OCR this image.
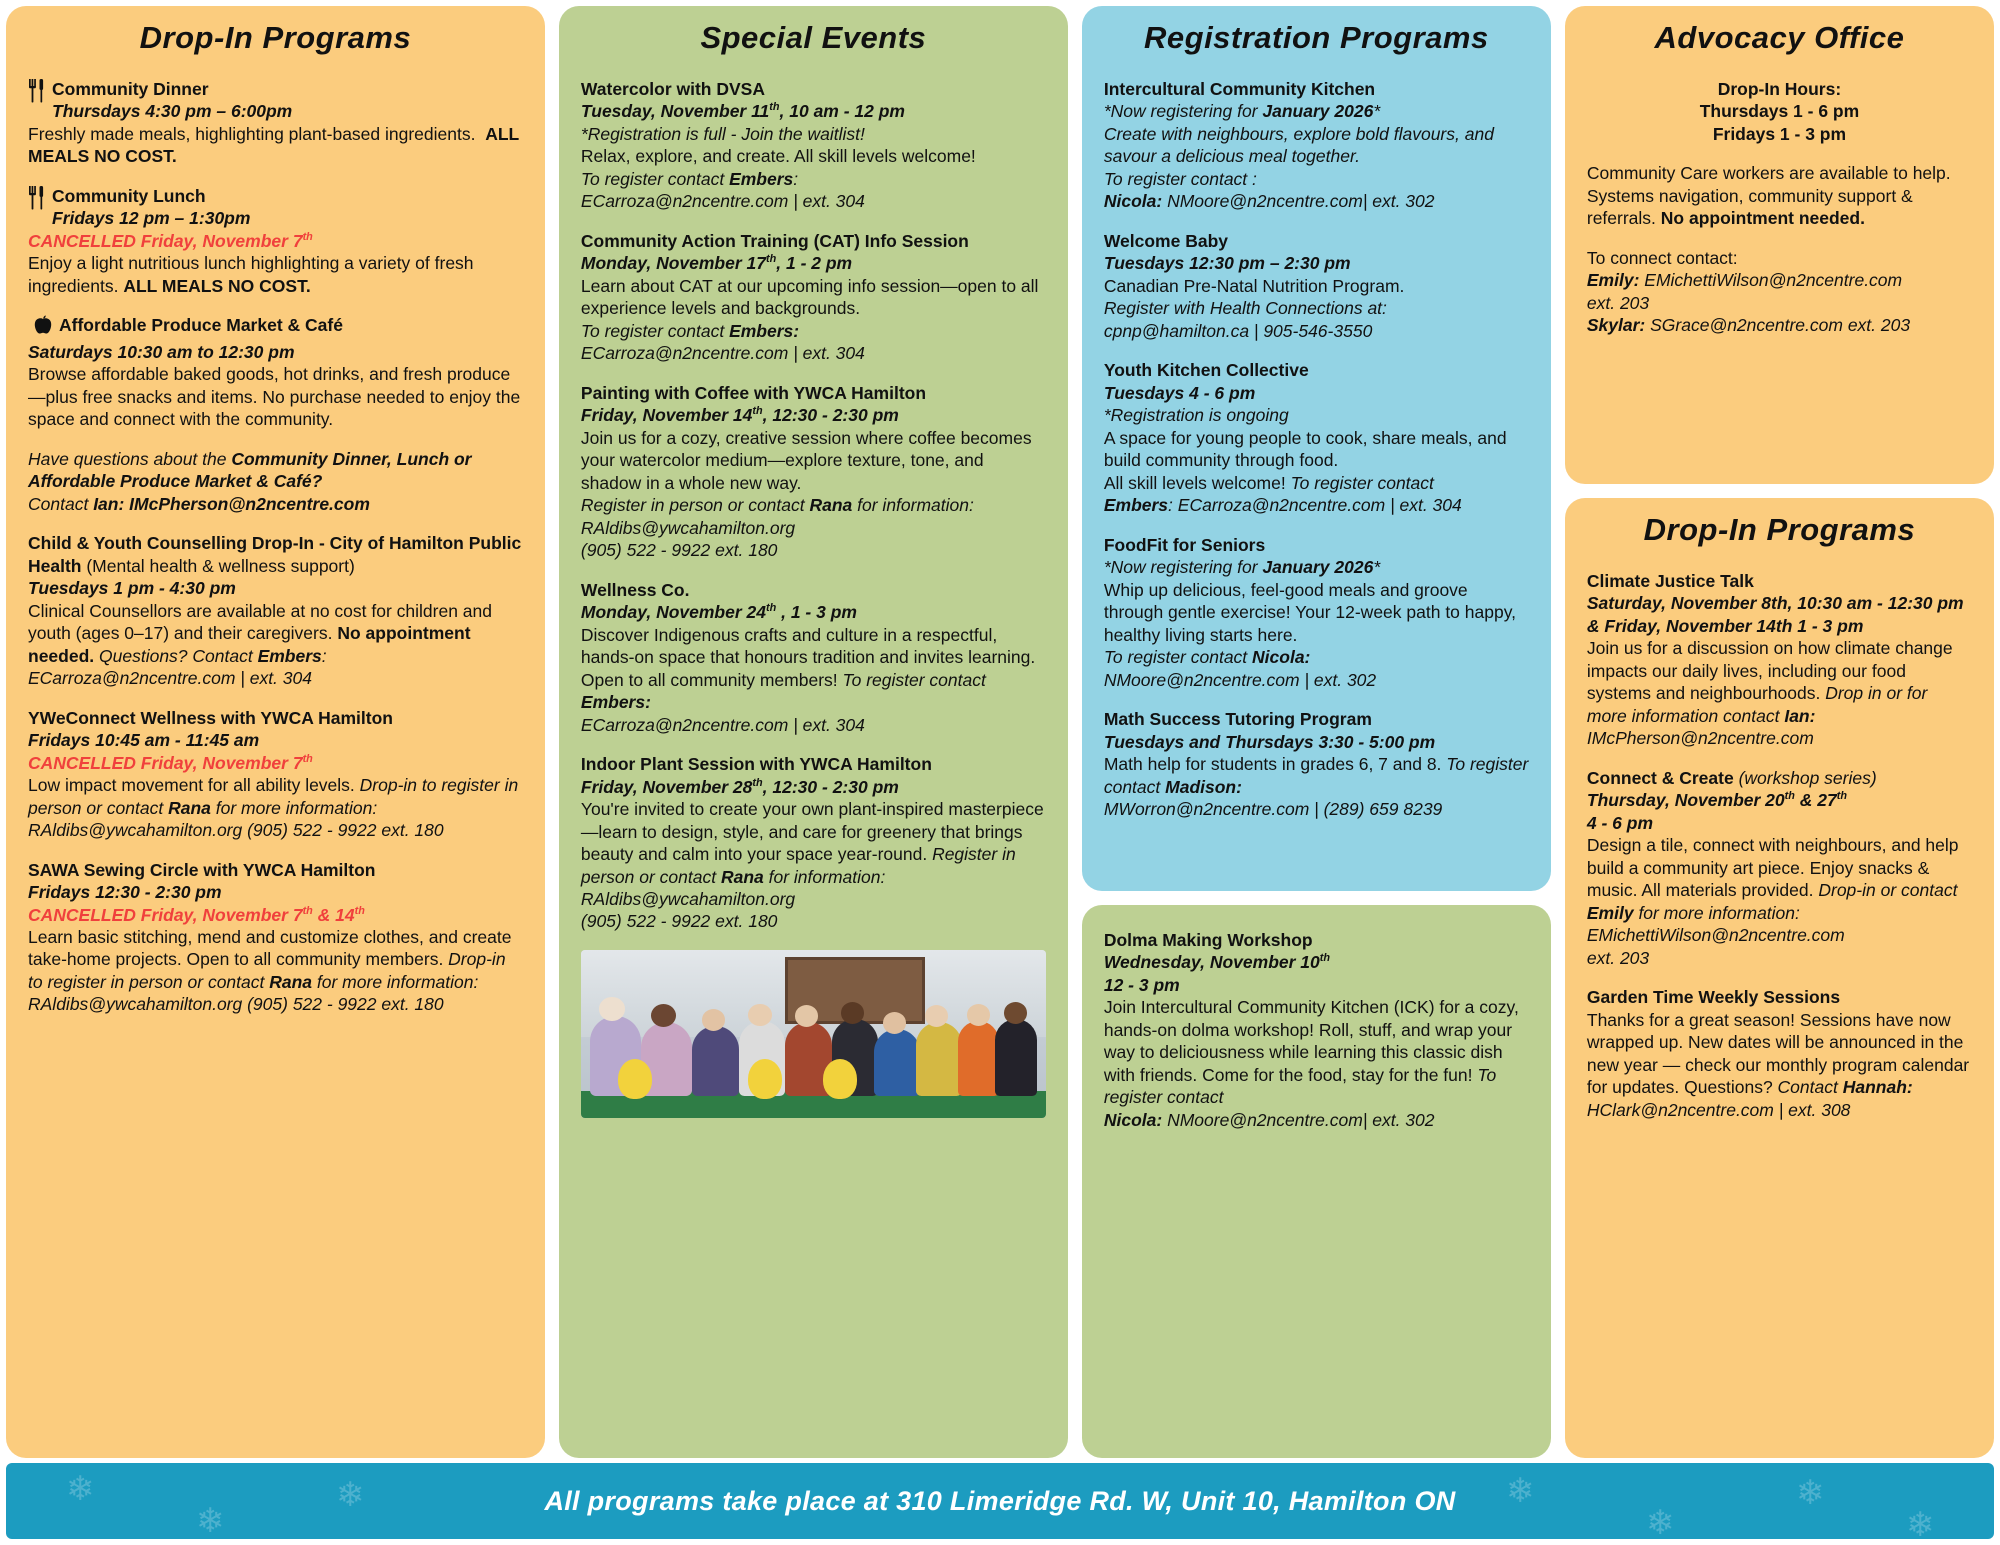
Drop-In Programs
Community Dinner
Thursdays 4:30 pm – 6:00pm
Freshly made meals, highlighting plant-based ingredients. ALL MEALS NO COST.
Community Lunch
Fridays 12 pm – 1:30pm
CANCELLED Friday, November 7th
Enjoy a light nutritious lunch highlighting a variety of fresh ingredients. ALL MEALS NO COST.
Affordable Produce Market & Café
Saturdays 10:30 am to 12:30 pm
Browse affordable baked goods, hot drinks, and fresh produce—plus free snacks and items. No purchase needed to enjoy the space and connect with the community.
Have questions about the Community Dinner, Lunch or Affordable Produce Market & Café?
Contact Ian: IMcPherson@n2ncentre.com
Child & Youth Counselling Drop-In - City of Hamilton Public Health (Mental health & wellness support)
Tuesdays 1 pm - 4:30 pm
Clinical Counsellors are available at no cost for children and youth (ages 0–17) and their caregivers. No appointment needed. Questions? Contact Embers: ECarroza@n2ncentre.com | ext. 304
YWeConnect Wellness with YWCA Hamilton
Fridays 10:45 am - 11:45 am
CANCELLED Friday, November 7th
Low impact movement for all ability levels. Drop-in to register in person or contact Rana for more information: RAldibs@ywcahamilton.org (905) 522 - 9922 ext. 180
SAWA Sewing Circle with YWCA Hamilton
Fridays 12:30 - 2:30 pm
CANCELLED Friday, November 7th & 14th
Learn basic stitching, mend and customize clothes, and create take-home projects. Open to all community members. Drop-in to register in person or contact Rana for more information: RAldibs@ywcahamilton.org (905) 522 - 9922 ext. 180
Special Events
Watercolor with DVSA
Tuesday, November 11th, 10 am - 12 pm
*Registration is full - Join the waitlist!
Relax, explore, and create. All skill levels welcome!
To register contact Embers:
ECarroza@n2ncentre.com | ext. 304
Community Action Training (CAT) Info Session
Monday, November 17th, 1 - 2 pm
Learn about CAT at our upcoming info session—open to all experience levels and backgrounds.
To register contact Embers:
ECarroza@n2ncentre.com | ext. 304
Painting with Coffee with YWCA Hamilton
Friday, November 14th, 12:30 - 2:30 pm
Join us for a cozy, creative session where coffee becomes your watercolor medium—explore texture, tone, and shadow in a whole new way.
Register in person or contact Rana for information:
RAldibs@ywcahamilton.org
(905) 522 - 9922 ext. 180
Wellness Co.
Monday, November 24th , 1 - 3 pm
Discover Indigenous crafts and culture in a respectful, hands-on space that honours tradition and invites learning. Open to all community members! To register contact Embers:
ECarroza@n2ncentre.com | ext. 304
Indoor Plant Session with YWCA Hamilton
Friday, November 28th, 12:30 - 2:30 pm
You're invited to create your own plant-inspired masterpiece—learn to design, style, and care for greenery that brings beauty and calm into your space year-round. Register in person or contact Rana for information: RAldibs@ywcahamilton.org
(905) 522 - 9922 ext. 180
Registration Programs
Intercultural Community Kitchen
*Now registering for January 2026*
Create with neighbours, explore bold flavours, and savour a delicious meal together.
To register contact :
Nicola: NMoore@n2ncentre.com| ext. 302
Welcome Baby
Tuesdays 12:30 pm – 2:30 pm
Canadian Pre-Natal Nutrition Program.
Register with Health Connections at:
cpnp@hamilton.ca | 905-546-3550
Youth Kitchen Collective
Tuesdays 4 - 6 pm
*Registration is ongoing
A space for young people to cook, share meals, and build community through food.
All skill levels welcome! To register contact
Embers: ECarroza@n2ncentre.com | ext. 304
FoodFit for Seniors
*Now registering for January 2026*
Whip up delicious, feel-good meals and groove through gentle exercise! Your 12-week path to happy, healthy living starts here.
To register contact Nicola:
NMoore@n2ncentre.com | ext. 302
Math Success Tutoring Program
Tuesdays and Thursdays 3:30 - 5:00 pm
Math help for students in grades 6, 7 and 8. To register contact Madison:
MWorron@n2ncentre.com | (289) 659 8239
Dolma Making Workshop
Wednesday, November 10th
12 - 3 pm
Join Intercultural Community Kitchen (ICK) for a cozy, hands-on dolma workshop! Roll, stuff, and wrap your way to deliciousness while learning this classic dish with friends. Come for the food, stay for the fun! To register contact
Nicola: NMoore@n2ncentre.com| ext. 302
Advocacy Office
Drop-In Hours:
Thursdays 1 - 6 pm
Fridays 1 - 3 pm
Community Care workers are available to help. Systems navigation, community support & referrals. No appointment needed.
To connect contact:
Emily: EMichettiWilson@n2ncentre.com
ext. 203
Skylar: SGrace@n2ncentre.com ext. 203
Drop-In Programs
Climate Justice Talk
Saturday, November 8th, 10:30 am - 12:30 pm & Friday, November 14th 1 - 3 pm
Join us for a discussion on how climate change impacts our daily lives, including our food systems and neighbourhoods. Drop in or for more information contact Ian: IMcPherson@n2ncentre.com
Connect & Create (workshop series)
Thursday, November 20th & 27th
4 - 6 pm
Design a tile, connect with neighbours, and help build a community art piece. Enjoy snacks & music. All materials provided. Drop-in or contact Emily for more information: EMichettiWilson@n2ncentre.com
ext. 203
Garden Time Weekly Sessions
Thanks for a great season! Sessions have now wrapped up. New dates will be announced in the new year — check our monthly program calendar for updates. Questions? Contact Hannah:
HClark@n2ncentre.com | ext. 308
❄
❄
❄	❄
❄
❄
❄
All programs take place at 310 Limeridge Rd. W, Unit 10, Hamilton ON
